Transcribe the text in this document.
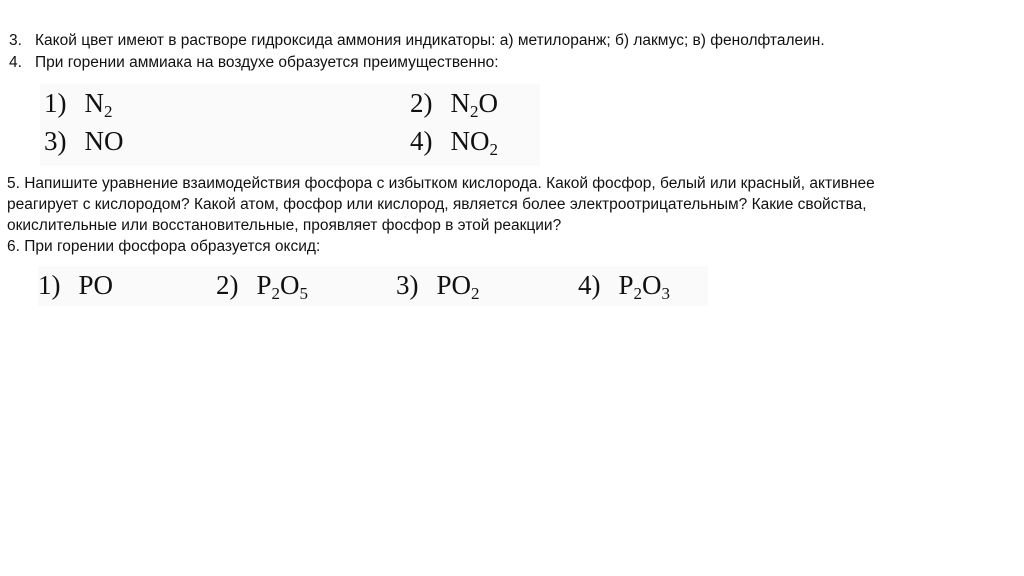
3. Какой цвет имеют в растворе гидроксида аммония индикаторы: а) метилоранж; б) лакмус; в) фенолфталеин.
4. При горении аммиака на воздухе образуется преимущественно:
1) $N_2$	2) $N_2O$
3) NO	4) $NO_2$
5. Напишите уравнение взаимодействия фосфора с избытком кислорода. Какой фосфор, белый или красный, активнее
реагирует с кислородом? Какой атом, фосфор или кислород, является более электроотрицательным? Какие свойства,
окислительные или восстановительные, проявляет фосфор в этой реакции?
6. При горении фосфора образуется оксид:
1) PO	2) $P_2O_5$	3) $PO_2$	4) $P_2O_3$
